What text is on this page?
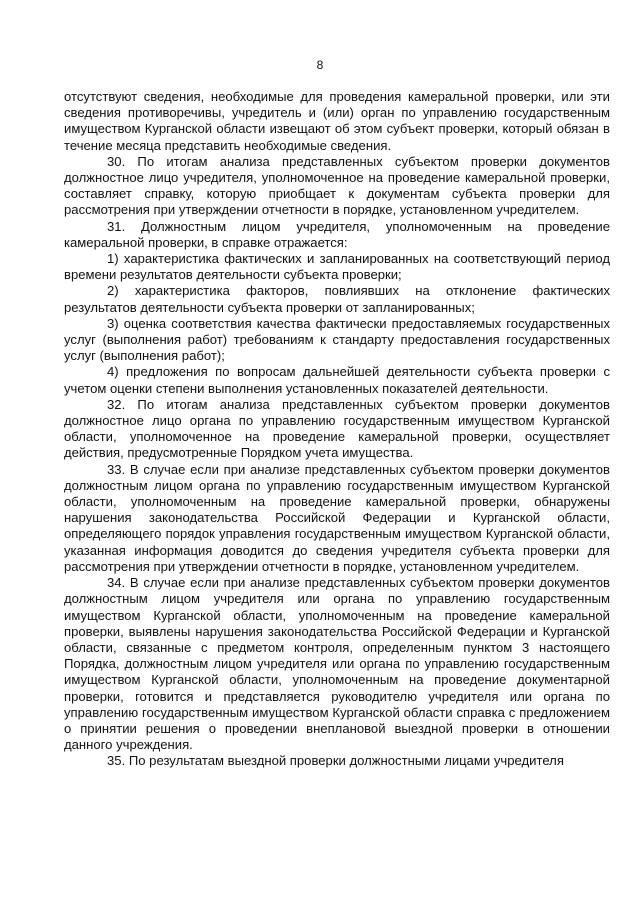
8

отсутствуют сведения, необходимые для проведения камеральной проверки, или эти сведения противоречивы, учредитель и (или) орган по управлению государственным имуществом Курганской области извещают об этом субъект проверки, который обязан в течение месяца представить необходимые сведения.

30. По итогам анализа представленных субъектом проверки документов должностное лицо учредителя, уполномоченное на проведение камеральной проверки, составляет справку, которую приобщает к документам субъекта проверки для рассмотрения при утверждении отчетности в порядке, установленном учредителем.

31. Должностным лицом учредителя, уполномоченным на проведение камеральной проверки, в справке отражается:

1) характеристика фактических и запланированных на соответствующий период времени результатов деятельности субъекта проверки;

2) характеристика факторов, повлиявших на отклонение фактических результатов деятельности субъекта проверки от запланированных;

3) оценка соответствия качества фактически предоставляемых государственных услуг (выполнения работ) требованиям к стандарту предоставления государственных услуг (выполнения работ);

4) предложения по вопросам дальнейшей деятельности субъекта проверки с учетом оценки степени выполнения установленных показателей деятельности.

32. По итогам анализа представленных субъектом проверки документов должностное лицо органа по управлению государственным имуществом Курганской области, уполномоченное на проведение камеральной проверки, осуществляет действия, предусмотренные Порядком учета имущества.

33. В случае если при анализе представленных субъектом проверки документов должностным лицом органа по управлению государственным имуществом Курганской области, уполномоченным на проведение камеральной проверки, обнаружены нарушения законодательства Российской Федерации и Курганской области, определяющего порядок управления государственным имуществом Курганской области, указанная информация доводится до сведения учредителя субъекта проверки для рассмотрения при утверждении отчетности в порядке, установленном учредителем.

34. В случае если при анализе представленных субъектом проверки документов должностным лицом учредителя или органа по управлению государственным имуществом Курганской области, уполномоченным на проведение камеральной проверки, выявлены нарушения законодательства Российской Федерации и Курганской области, связанные с предметом контроля, определенным пунктом 3 настоящего Порядка, должностным лицом учредителя или органа по управлению государственным имуществом Курганской области, уполномоченным на проведение документарной проверки, готовится и представляется руководителю учредителя или органа по управлению государственным имуществом Курганской области справка с предложением о принятии решения о проведении внеплановой выездной проверки в отношении данного учреждения.

35. По результатам выездной проверки должностными лицами учредителя
